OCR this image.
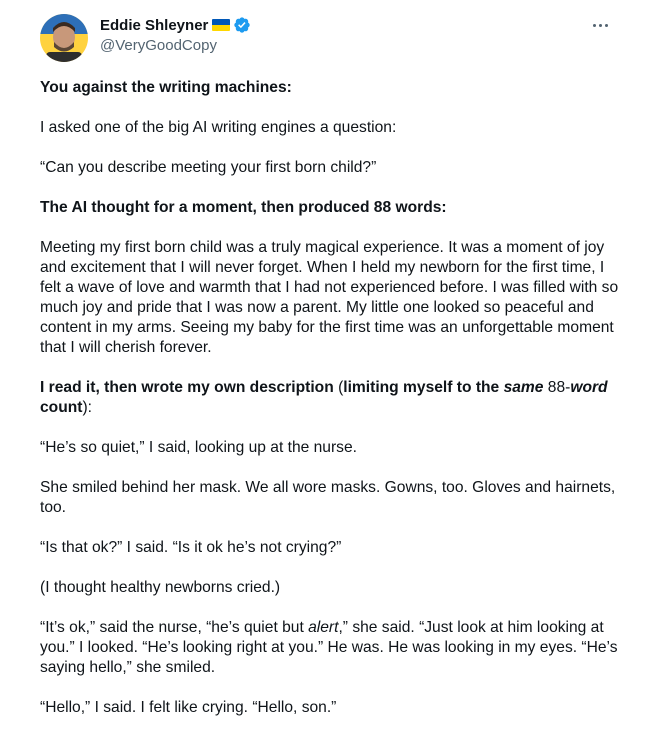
Eddie Shleyner
@VeryGoodCopy

You against the writing machines:

I asked one of the big AI writing engines a question:

“Can you describe meeting your first born child?”

The AI thought for a moment, then produced 88 words:

Meeting my first born child was a truly magical experience. It was a moment of joy and excitement that I will never forget. When I held my newborn for the first time, I felt a wave of love and warmth that I had not experienced before. I was filled with so much joy and pride that I was now a parent. My little one looked so peaceful and content in my arms. Seeing my baby for the first time was an unforgettable moment that I will cherish forever.

I read it, then wrote my own description (limiting myself to the same 88-word count):

“He’s so quiet,” I said, looking up at the nurse.

She smiled behind her mask. We all wore masks. Gowns, too. Gloves and hairnets, too.

“Is that ok?” I said. “Is it ok he’s not crying?”

(I thought healthy newborns cried.)

“It’s ok,” said the nurse, “he’s quiet but alert,” she said. “Just look at him looking at you.” I looked. “He’s looking right at you.” He was. He was looking in my eyes. “He’s saying hello,” she smiled.

“Hello,” I said. I felt like crying. “Hello, son.”
